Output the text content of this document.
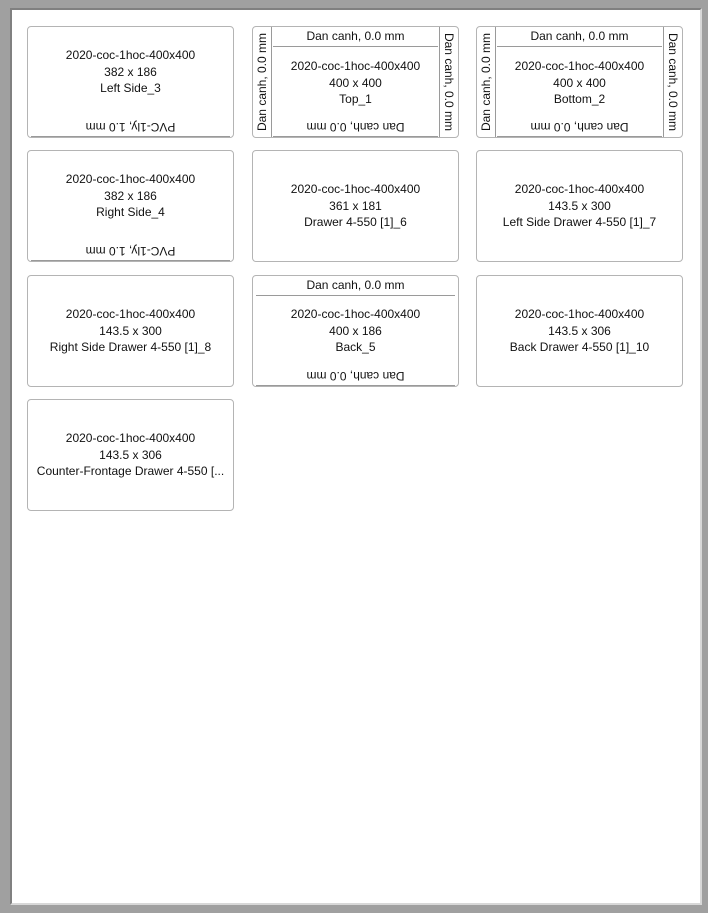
2020-coc-1hoc-400x400
382 x 186
Left Side_3
PVC-1ly, 1.0 mm
Dan canh, 0.0 mm
Dan canh, 0.0 mm	Dan canh, 0.0 mm
2020-coc-1hoc-400x400
400 x 400
Top_1
Dan canh, 0.0 mm
Dan canh, 0.0 mm
Dan canh, 0.0 mm	Dan canh, 0.0 mm
2020-coc-1hoc-400x400
400 x 400
Bottom_2
Dan canh, 0.0 mm
2020-coc-1hoc-400x400
382 x 186
Right Side_4
PVC-1ly, 1.0 mm
2020-coc-1hoc-400x400
361 x 181
Drawer 4-550 [1]_6
2020-coc-1hoc-400x400
143.5 x 300
Left Side Drawer 4-550 [1]_7
2020-coc-1hoc-400x400
143.5 x 300
Right Side Drawer 4-550 [1]_8
Dan canh, 0.0 mm
2020-coc-1hoc-400x400
400 x 186
Back_5
Dan canh, 0.0 mm
2020-coc-1hoc-400x400
143.5 x 306
Back Drawer 4-550 [1]_10
2020-coc-1hoc-400x400
143.5 x 306
Counter-Frontage Drawer 4-550 [...
